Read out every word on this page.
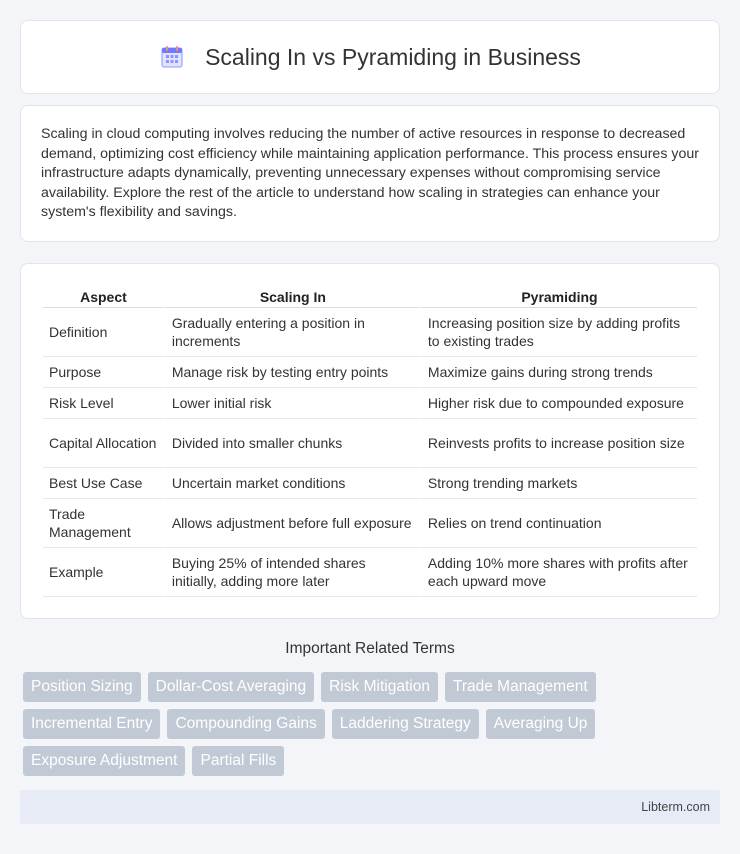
Scaling In vs Pyramiding in Business

Scaling in cloud computing involves reducing the number of active resources in response to decreased demand, optimizing cost efficiency while maintaining application performance. This process ensures your infrastructure adapts dynamically, preventing unnecessary expenses without compromising service availability. Explore the rest of the article to understand how scaling in strategies can enhance your system's flexibility and savings.

Aspect	Scaling In	Pyramiding
Definition	Gradually entering a position in increments	Increasing position size by adding profits to existing trades
Purpose	Manage risk by testing entry points	Maximize gains during strong trends
Risk Level	Lower initial risk	Higher risk due to compounded exposure
Capital Allocation	Divided into smaller chunks	Reinvests profits to increase position size
Best Use Case	Uncertain market conditions	Strong trending markets
Trade Management	Allows adjustment before full exposure	Relies on trend continuation
Example	Buying 25% of intended shares initially, adding more later	Adding 10% more shares with profits after each upward move
Important Related Terms
Position Sizing	Dollar-Cost Averaging	Risk Mitigation	Trade Management
Incremental Entry	Compounding Gains	Laddering Strategy	Averaging Up
Exposure Adjustment	Partial Fills
Libterm.com
